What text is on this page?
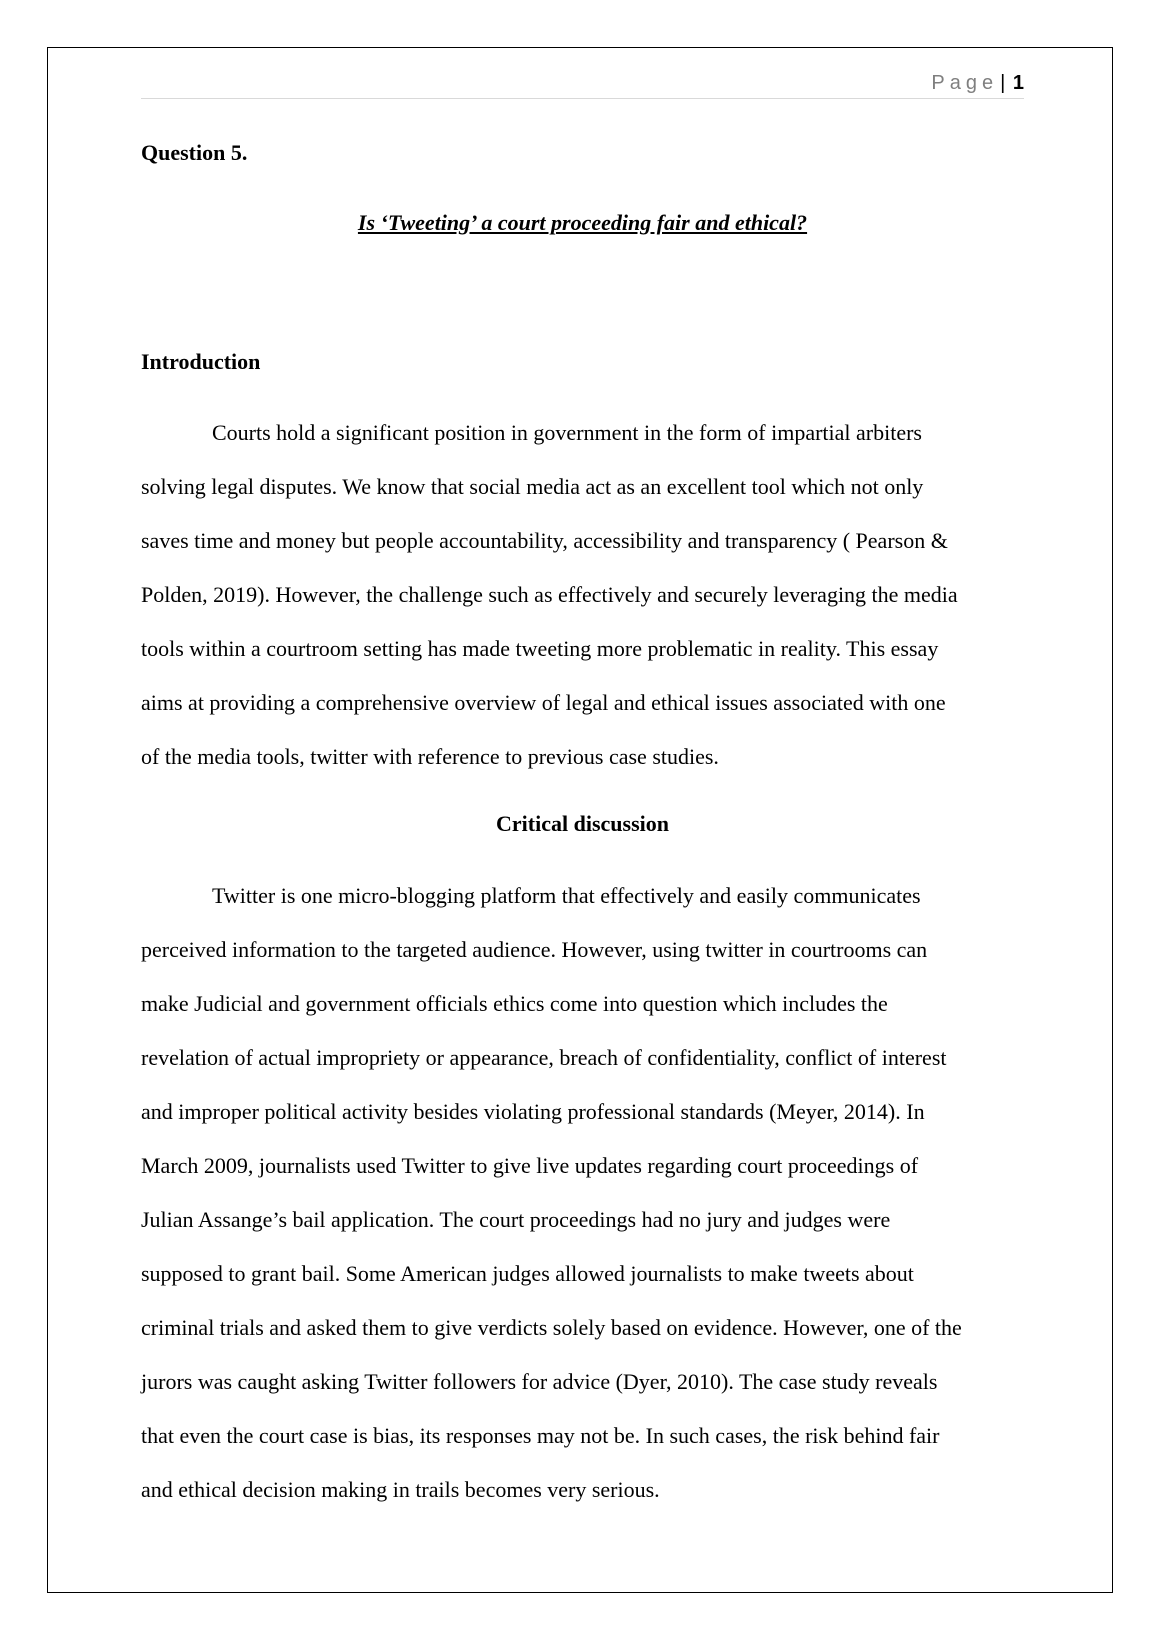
Page | 1
Question 5.
Is ‘Tweeting’ a court proceeding fair and ethical?
Introduction
Courts hold a significant position in government in the form of impartial arbiters
solving legal disputes. We know that social media act as an excellent tool which not only
saves time and money but people accountability, accessibility and transparency ( Pearson &
Polden, 2019). However, the challenge such as effectively and securely leveraging the media
tools within a courtroom setting has made tweeting more problematic in reality. This essay
aims at providing a comprehensive overview of legal and ethical issues associated with one
of the media tools, twitter with reference to previous case studies.
Critical discussion
Twitter is one micro-blogging platform that effectively and easily communicates
perceived information to the targeted audience. However, using twitter in courtrooms can
make Judicial and government officials ethics come into question which includes the
revelation of actual impropriety or appearance, breach of confidentiality, conflict of interest
and improper political activity besides violating professional standards (Meyer, 2014). In
March 2009, journalists used Twitter to give live updates regarding court proceedings of
Julian Assange’s bail application. The court proceedings had no jury and judges were
supposed to grant bail. Some American judges allowed journalists to make tweets about
criminal trials and asked them to give verdicts solely based on evidence. However, one of the
jurors was caught asking Twitter followers for advice (Dyer, 2010). The case study reveals
that even the court case is bias, its responses may not be. In such cases, the risk behind fair
and ethical decision making in trails becomes very serious.
